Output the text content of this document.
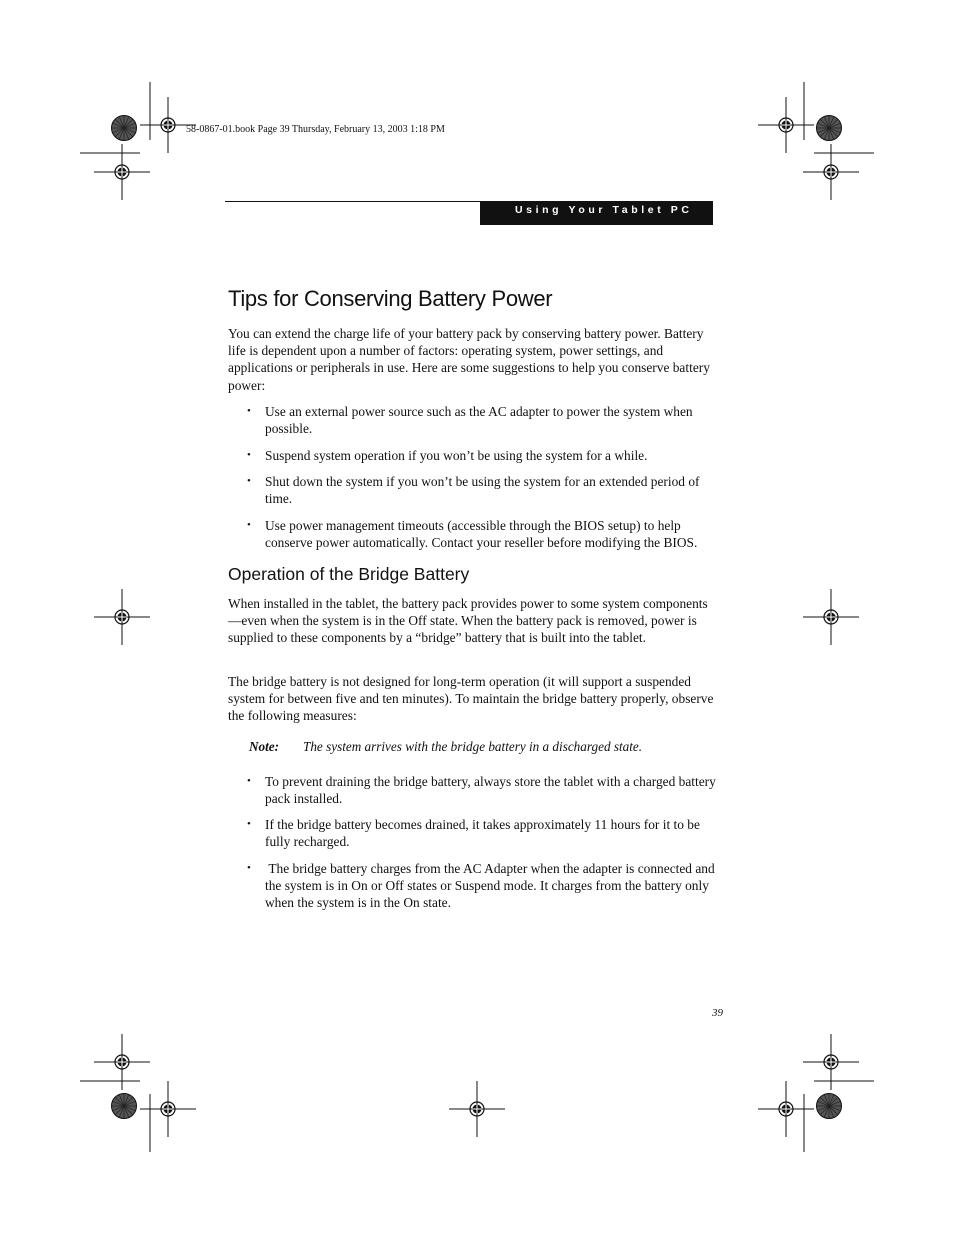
58-0867-01.book Page 39 Thursday, February 13, 2003 1:18 PM
Using Your Tablet PC
Tips for Conserving Battery Power
You can extend the charge life of your battery pack by conserving battery power. Battery life is dependent upon a number of factors: operating system, power settings, and applications or peripherals in use. Here are some suggestions to help you conserve battery power:
• Use an external power source such as the AC adapter to power the system when possible.
• Suspend system operation if you won’t be using the system for a while.
• Shut down the system if you won’t be using the system for an extended period of time.
• Use power management timeouts (accessible through the BIOS setup) to help conserve power automatically. Contact your reseller before modifying the BIOS.
Operation of the Bridge Battery
When installed in the tablet, the battery pack provides power to some system components—even when the system is in the Off state. When the battery pack is removed, power is supplied to these components by a “bridge” battery that is built into the tablet.
The bridge battery is not designed for long-term operation (it will support a suspended system for between five and ten minutes). To maintain the bridge battery properly, observe the following measures:
Note: The system arrives with the bridge battery in a discharged state.
• To prevent draining the bridge battery, always store the tablet with a charged battery pack installed.
• If the bridge battery becomes drained, it takes approximately 11 hours for it to be fully recharged.
• The bridge battery charges from the AC Adapter when the adapter is connected and the system is in On or Off states or Suspend mode. It charges from the battery only when the system is in the On state.
39
